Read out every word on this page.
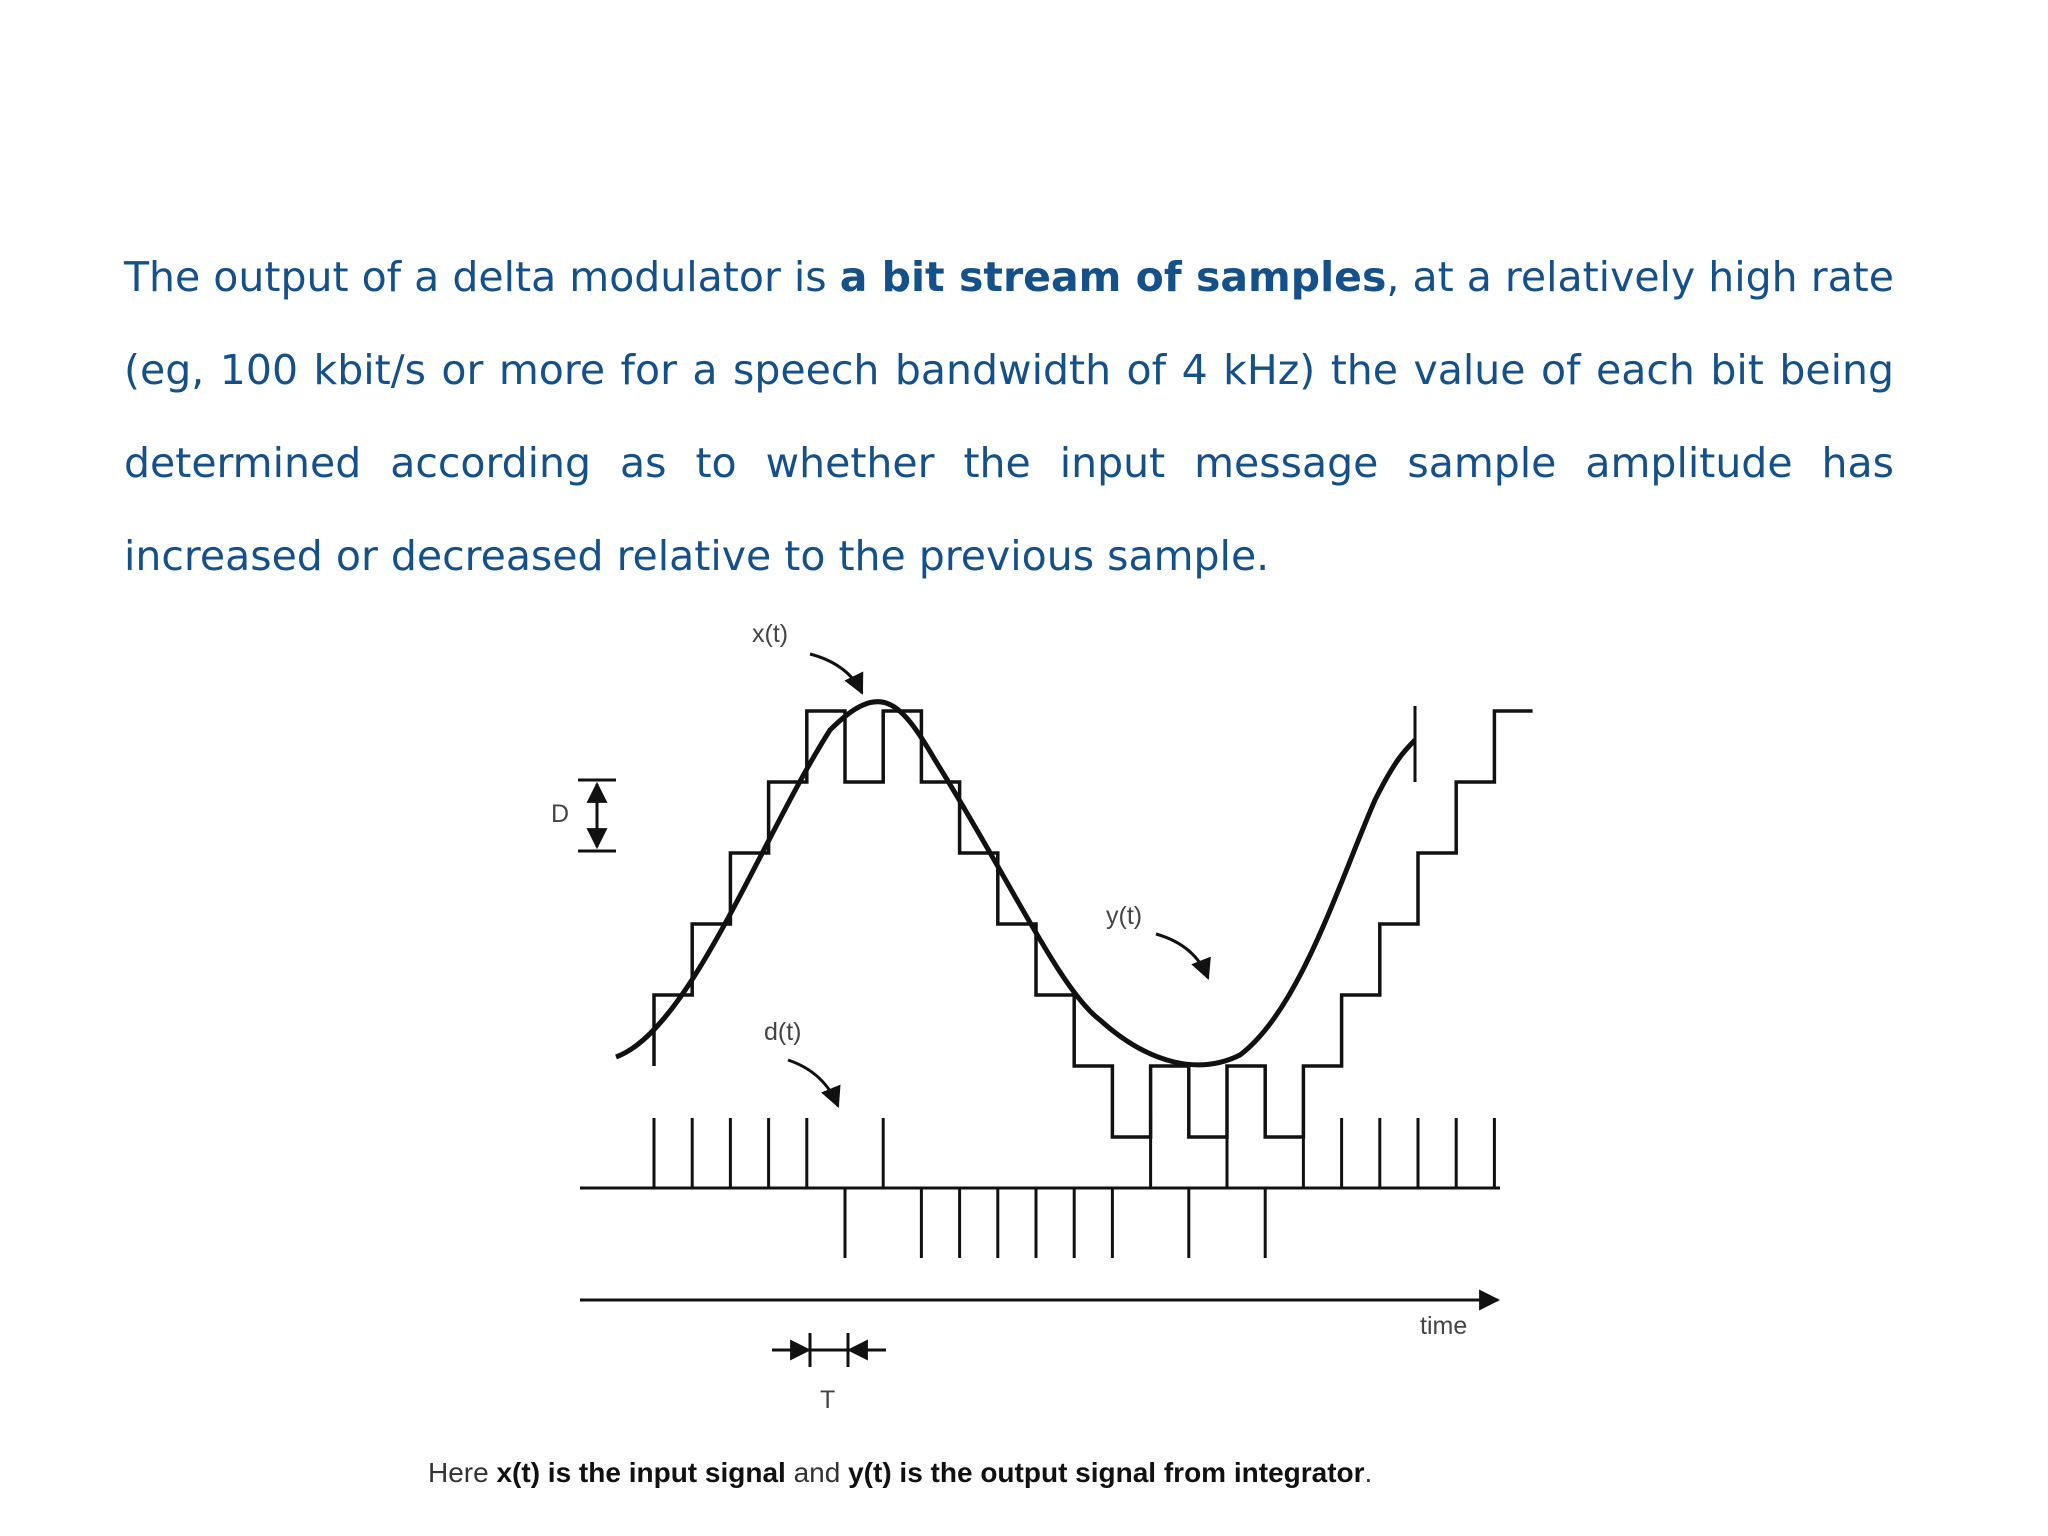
The output of a delta modulator is a bit stream of samples, at a relatively high rate (eg, 100 kbit/s or more for a speech bandwidth of 4 kHz) the value of each bit being determined according as to whether the input message sample amplitude has increased or decreased relative to the previous sample.

D
x(t)
y(t)
d(t)
time
T
Here x(t) is the input signal and y(t) is the output signal from integrator.
